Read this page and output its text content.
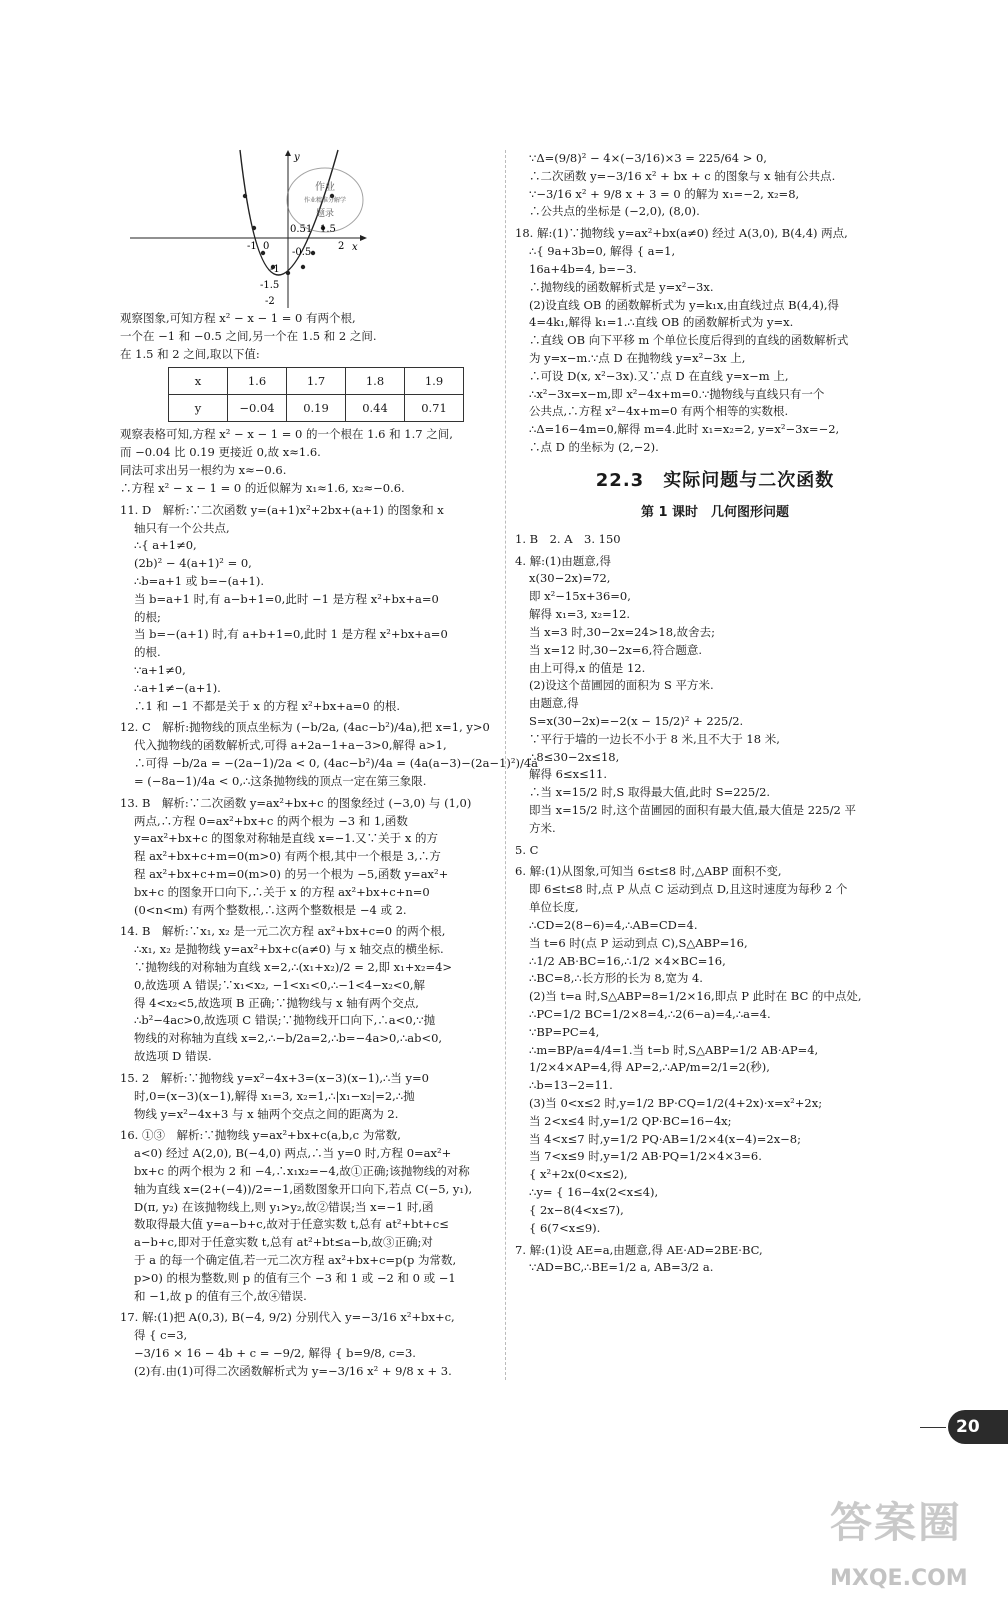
y
x
-1 0
0.5 1 1.5
2
-0.5
-1
-1.5
-2
作业
作业精准分解学
题录
观察图象,可知方程 x² − x − 1 = 0 有两个根,
一个在 −1 和 −0.5 之间,另一个在 1.5 和 2 之间.
在 1.5 和 2 之间,取以下值:
x	1.6	1.7	1.8	1.9
y	−0.04	0.19	0.44	0.71
观察表格可知,方程 x² − x − 1 = 0 的一个根在 1.6 和 1.7 之间,
而 −0.04 比 0.19 更接近 0,故 x≈1.6.
同法可求出另一根约为 x≈−0.6.
∴方程 x² − x − 1 = 0 的近似解为 x₁≈1.6, x₂≈−0.6.
11. D　解析:∵二次函数 y=(a+1)x²+2bx+(a+1) 的图象和 x
轴只有一个公共点,
∴{ a+1≠0,
(2b)² − 4(a+1)² = 0,
∴b=a+1 或 b=−(a+1).
当 b=a+1 时,有 a−b+1=0,此时 −1 是方程 x²+bx+a=0
的根;
当 b=−(a+1) 时,有 a+b+1=0,此时 1 是方程 x²+bx+a=0
的根.
∵a+1≠0,
∴a+1≠−(a+1).
∴1 和 −1 不都是关于 x 的方程 x²+bx+a=0 的根.
12. C　解析:抛物线的顶点坐标为 (−b/2a, (4ac−b²)/4a),把 x=1, y>0
代入抛物线的函数解析式,可得 a+2a−1+a−3>0,解得 a>1,
∴可得 −b/2a = −(2a−1)/2a < 0, (4ac−b²)/4a = (4a(a−3)−(2a−1)²)/4a
= (−8a−1)/4a < 0,∴这条抛物线的顶点一定在第三象限.
13. B　解析:∵二次函数 y=ax²+bx+c 的图象经过 (−3,0) 与 (1,0)
两点,∴方程 0=ax²+bx+c 的两个根为 −3 和 1,函数
y=ax²+bx+c 的图象对称轴是直线 x=−1.又∵关于 x 的方
程 ax²+bx+c+m=0(m>0) 有两个根,其中一个根是 3,∴方
程 ax²+bx+c+m=0(m>0) 的另一个根为 −5,函数 y=ax²+
bx+c 的图象开口向下,∴关于 x 的方程 ax²+bx+c+n=0
(0<n<m) 有两个整数根,∴这两个整数根是 −4 或 2.
14. B　解析:∵x₁, x₂ 是一元二次方程 ax²+bx+c=0 的两个根,
∴x₁, x₂ 是抛物线 y=ax²+bx+c(a≠0) 与 x 轴交点的横坐标.
∵抛物线的对称轴为直线 x=2,∴(x₁+x₂)/2 = 2,即 x₁+x₂=4>
0,故选项 A 错误;∵x₁<x₂, −1<x₁<0,∴−1<4−x₂<0,解
得 4<x₂<5,故选项 B 正确;∵抛物线与 x 轴有两个交点,
∴b²−4ac>0,故选项 C 错误;∵抛物线开口向下,∴a<0,∵抛
物线的对称轴为直线 x=2,∴−b/2a=2,∴b=−4a>0,∴ab<0,
故选项 D 错误.
15. 2　解析:∵抛物线 y=x²−4x+3=(x−3)(x−1),∴当 y=0
时,0=(x−3)(x−1),解得 x₁=3, x₂=1,∴|x₁−x₂|=2,∴抛
物线 y=x²−4x+3 与 x 轴两个交点之间的距离为 2.
16. ①③　解析:∵抛物线 y=ax²+bx+c(a,b,c 为常数,
a<0) 经过 A(2,0), B(−4,0) 两点,∴当 y=0 时,方程 0=ax²+
bx+c 的两个根为 2 和 −4,∴x₁x₂=−4,故①正确;该抛物线的对称
轴为直线 x=(2+(−4))/2=−1,函数图象开口向下,若点 C(−5, y₁),
D(π, y₂) 在该抛物线上,则 y₁>y₂,故②错误;当 x=−1 时,函
数取得最大值 y=a−b+c,故对于任意实数 t,总有 at²+bt+c≤
a−b+c,即对于任意实数 t,总有 at²+bt≤a−b,故③正确;对
于 a 的每一个确定值,若一元二次方程 ax²+bx+c=p(p 为常数,
p>0) 的根为整数,则 p 的值有三个 −3 和 1 或 −2 和 0 或 −1
和 −1,故 p 的值有三个,故④错误.
17. 解:(1)把 A(0,3), B(−4, 9/2) 分别代入 y=−3/16 x²+bx+c,
得 { c=3,
−3/16 × 16 − 4b + c = −9/2, 解得 { b=9/8, c=3.
(2)有.由(1)可得二次函数解析式为 y=−3/16 x² + 9/8 x + 3.
∵Δ=(9/8)² − 4×(−3/16)×3 = 225/64 > 0,
∴二次函数 y=−3/16 x² + bx + c 的图象与 x 轴有公共点.
∵−3/16 x² + 9/8 x + 3 = 0 的解为 x₁=−2, x₂=8,
∴公共点的坐标是 (−2,0), (8,0).
18. 解:(1)∵抛物线 y=ax²+bx(a≠0) 经过 A(3,0), B(4,4) 两点,
∴{ 9a+3b=0, 解得 { a=1,
16a+4b=4, b=−3.
∴抛物线的函数解析式是 y=x²−3x.
(2)设直线 OB 的函数解析式为 y=k₁x,由直线过点 B(4,4),得
4=4k₁,解得 k₁=1.∴直线 OB 的函数解析式为 y=x.
∴直线 OB 向下平移 m 个单位长度后得到的直线的函数解析式
为 y=x−m.∵点 D 在抛物线 y=x²−3x 上,
∴可设 D(x, x²−3x).又∵点 D 在直线 y=x−m 上,
∴x²−3x=x−m,即 x²−4x+m=0.∵抛物线与直线只有一个
公共点,∴方程 x²−4x+m=0 有两个相等的实数根.
∴Δ=16−4m=0,解得 m=4.此时 x₁=x₂=2, y=x²−3x=−2,
∴点 D 的坐标为 (2,−2).
22.3　实际问题与二次函数
第 1 课时　几何图形问题
1. B　2. A　3. 150
4. 解:(1)由题意,得
x(30−2x)=72,
即 x²−15x+36=0,
解得 x₁=3, x₂=12.
当 x=3 时,30−2x=24>18,故舍去;
当 x=12 时,30−2x=6,符合题意.
由上可得,x 的值是 12.
(2)设这个苗圃园的面积为 S 平方米.
由题意,得
S=x(30−2x)=−2(x − 15/2)² + 225/2.
∵平行于墙的一边长不小于 8 米,且不大于 18 米,
∴8≤30−2x≤18,
解得 6≤x≤11.
∴当 x=15/2 时,S 取得最大值,此时 S=225/2.
即当 x=15/2 时,这个苗圃园的面积有最大值,最大值是 225/2 平
方米.
5. C
6. 解:(1)从图象,可知当 6≤t≤8 时,△ABP 面积不变,
即 6≤t≤8 时,点 P 从点 C 运动到点 D,且这时速度为每秒 2 个
单位长度,
∴CD=2(8−6)=4,∴AB=CD=4.
当 t=6 时(点 P 运动到点 C),S△ABP=16,
∴1/2 AB·BC=16,∴1/2 ×4×BC=16,
∴BC=8,∴长方形的长为 8,宽为 4.
(2)当 t=a 时,S△ABP=8=1/2×16,即点 P 此时在 BC 的中点处,
∴PC=1/2 BC=1/2×8=4,∴2(6−a)=4,∴a=4.
∵BP=PC=4,
∴m=BP/a=4/4=1.当 t=b 时,S△ABP=1/2 AB·AP=4,
1/2×4×AP=4,得 AP=2,∴AP/m=2/1=2(秒),
∴b=13−2=11.
(3)当 0<x≤2 时,y=1/2 BP·CQ=1/2(4+2x)·x=x²+2x;
当 2<x≤4 时,y=1/2 QP·BC=16−4x;
当 4<x≤7 时,y=1/2 PQ·AB=1/2×4(x−4)=2x−8;
当 7<x≤9 时,y=1/2 AB·PQ=1/2×4×3=6.
{ x²+2x(0<x≤2),
∴y= { 16−4x(2<x≤4),
{ 2x−8(4<x≤7),
{ 6(7<x≤9).
7. 解:(1)设 AE=a,由题意,得 AE·AD=2BE·BC,
∵AD=BC,∴BE=1/2 a, AB=3/2 a.
20
答案圈
MXQE.COM
